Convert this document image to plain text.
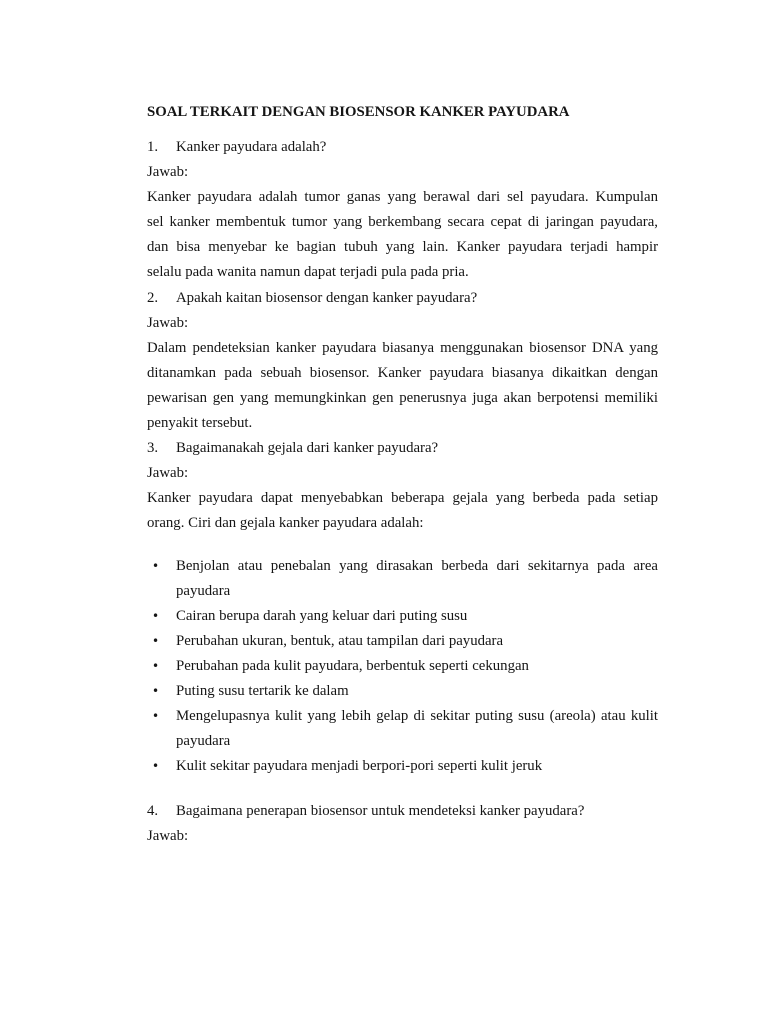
SOAL TERKAIT DENGAN BIOSENSOR KANKER PAYUDARA
1.	Kanker payudara adalah?
Jawab:
Kanker payudara adalah tumor ganas yang berawal dari sel payudara. Kumpulan
sel kanker membentuk tumor yang berkembang secara cepat di jaringan payudara,
dan bisa menyebar ke bagian tubuh yang lain. Kanker payudara terjadi hampir
selalu pada wanita namun dapat terjadi pula pada pria.
2.	Apakah kaitan biosensor dengan kanker payudara?
Jawab:
Dalam pendeteksian kanker payudara biasanya menggunakan biosensor DNA yang
ditanamkan pada sebuah biosensor. Kanker payudara biasanya dikaitkan dengan
pewarisan gen yang memungkinkan gen penerusnya juga akan berpotensi memiliki
penyakit tersebut.
3.	Bagaimanakah gejala dari kanker payudara?
Jawab:
Kanker payudara dapat menyebabkan beberapa gejala yang berbeda pada setiap
orang. Ciri dan gejala kanker payudara adalah:
• Benjolan atau penebalan yang dirasakan berbeda dari sekitarnya pada area
payudara
• Cairan berupa darah yang keluar dari puting susu
• Perubahan ukuran, bentuk, atau tampilan dari payudara
• Perubahan pada kulit payudara, berbentuk seperti cekungan
• Puting susu tertarik ke dalam
• Mengelupasnya kulit yang lebih gelap di sekitar puting susu (areola) atau kulit
payudara
• Kulit sekitar payudara menjadi berpori-pori seperti kulit jeruk
4.	Bagaimana penerapan biosensor untuk mendeteksi kanker payudara?
Jawab:
